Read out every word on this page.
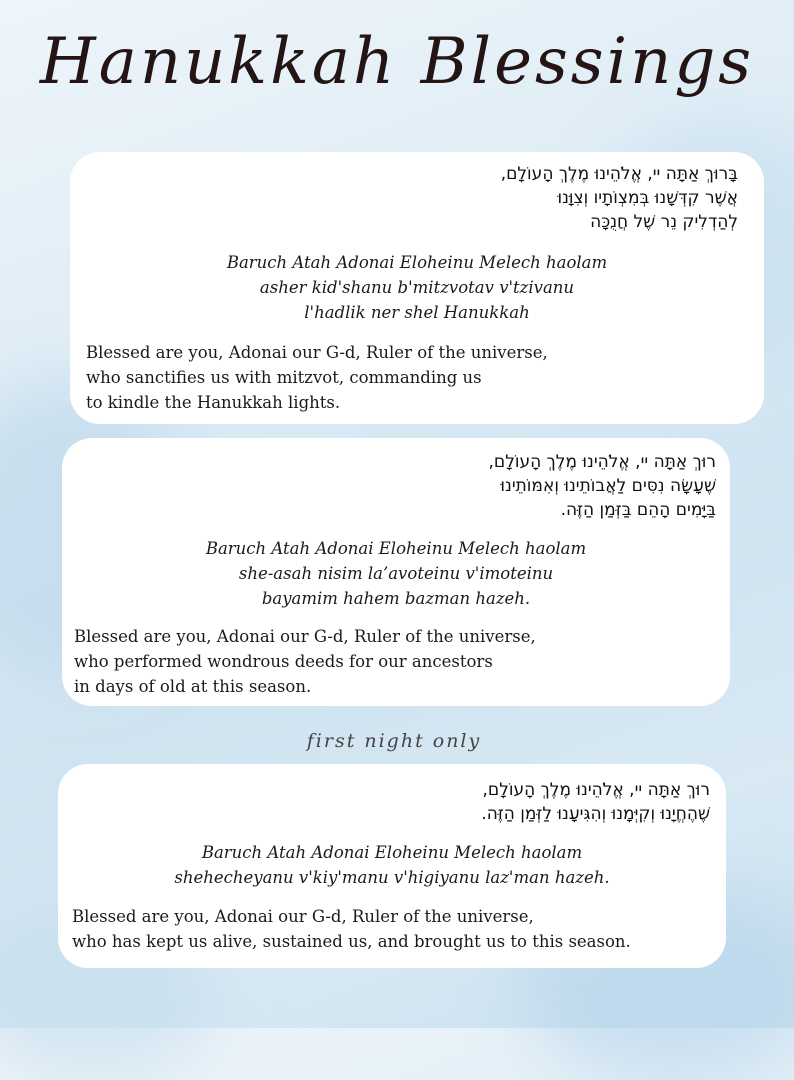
Hanukkah Blessings
בָּרוּךְ אַתָּה יי, אֱלֹהֵינוּ מֶלֶךְ הָעוֹלָם,
אֲשֶׁר קִדְּשָׁנוּ בְּמִצְוֹתָיו וְצִוָּנוּ
לְהַדְלִיק נֵר שֶׁל חֲנֻכָּה
Baruch Atah Adonai Eloheinu Melech haolam
asher kid'shanu b'mitzvotav v'tzivanu
l'hadlik ner shel Hanukkah
Blessed are you, Adonai our G-d, Ruler of the universe,
who sanctifies us with mitzvot, commanding us
to kindle the Hanukkah lights.
רוּךְ אַתָּה יי, אֱלֹהֵינוּ מֶלֶךְ הָעוֹלָם,
שֶׁעָשָׂה נִסִּים לַאֲבוֹתֵינוּ וְאִמּוֹתֵינוּ
בַּיָּמִים הָהֵם בַּזְּמַן הַזֶּה.
Baruch Atah Adonai Eloheinu Melech haolam
she-asah nisim la’avoteinu v'imoteinu
bayamim hahem bazman hazeh.
Blessed are you, Adonai our G-d, Ruler of the universe,
who performed wondrous deeds for our ancestors
in days of old at this season.
first night only
רוּךְ אַתָּה יי, אֱלֹהֵינוּ מֶלֶךְ הָעוֹלָם,
שֶׁהֶחֱיָנוּ וְקִיְּמָנוּ וְהִגִּיעָנוּ לַזְּמַן הַזֶּה.
Baruch Atah Adonai Eloheinu Melech haolam
shehecheyanu v'kiy'manu v'higiyanu laz'man hazeh.
Blessed are you, Adonai our G-d, Ruler of the universe,
who has kept us alive, sustained us, and brought us to this season.
